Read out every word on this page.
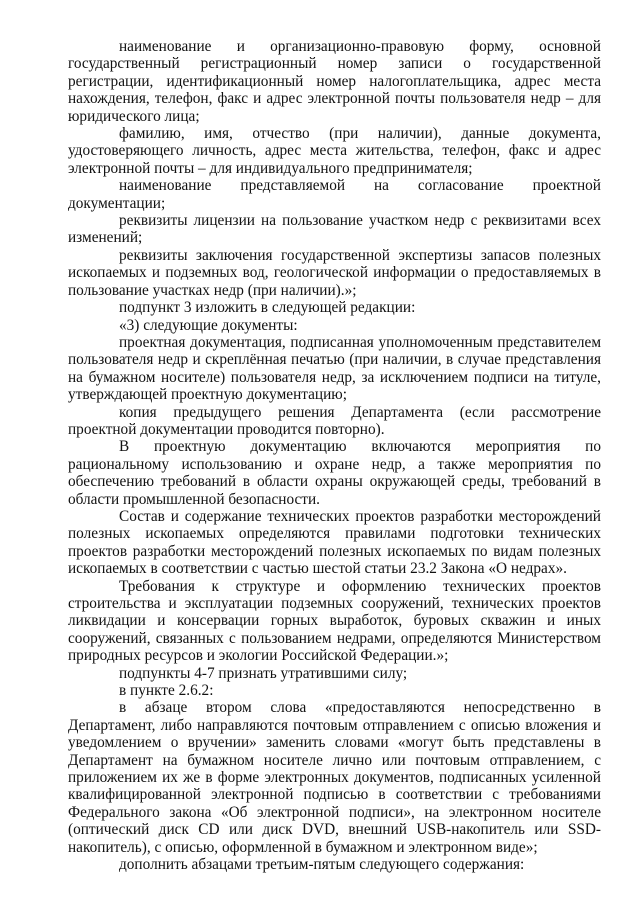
наименование и организационно-правовую форму, основной государственный регистрационный номер записи о государственной регистрации, идентификационный номер налогоплательщика, адрес места нахождения, телефон, факс и адрес электронной почты пользователя недр – для юридического лица;

фамилию, имя, отчество (при наличии), данные документа, удостоверяющего личность, адрес места жительства, телефон, факс и адрес электронной почты – для индивидуального предпринимателя;

наименование представляемой на согласование проектной документации;

реквизиты лицензии на пользование участком недр с реквизитами всех изменений;

реквизиты заключения государственной экспертизы запасов полезных ископаемых и подземных вод, геологической информации о предоставляемых в пользование участках недр (при наличии).»;

подпункт 3 изложить в следующей редакции:

«3) следующие документы:

проектная документация, подписанная уполномоченным представителем пользователя недр и скреплённая печатью (при наличии, в случае представления на бумажном носителе) пользователя недр, за исключением подписи на титуле, утверждающей проектную документацию;

копия предыдущего решения Департамента (если рассмотрение проектной документации проводится повторно).

В проектную документацию включаются мероприятия по рациональному использованию и охране недр, а также мероприятия по обеспечению требований в области охраны окружающей среды, требований в области промышленной безопасности.

Состав и содержание технических проектов разработки месторождений полезных ископаемых определяются правилами подготовки технических проектов разработки месторождений полезных ископаемых по видам полезных ископаемых в соответствии с частью шестой статьи 23.2 Закона «О недрах».

Требования к структуре и оформлению технических проектов строительства и эксплуатации подземных сооружений, технических проектов ликвидации и консервации горных выработок, буровых скважин и иных сооружений, связанных с пользованием недрами, определяются Министерством природных ресурсов и экологии Российской Федерации.»;

подпункты 4-7 признать утратившими силу;

в пункте 2.6.2:

в абзаце втором слова «предоставляются непосредственно в Департамент, либо направляются почтовым отправлением с описью вложения и уведомлением о вручении» заменить словами «могут быть представлены в Департамент на бумажном носителе лично или почтовым отправлением, с приложением их же в форме электронных документов, подписанных усиленной квалифицированной электронной подписью в соответствии с требованиями Федерального закона «Об электронной подписи», на электронном носителе (оптический диск CD или диск DVD, внешний USB-накопитель или SSD-накопитель), с описью, оформленной в бумажном и электронном виде»;

дополнить абзацами третьим-пятым следующего содержания:
